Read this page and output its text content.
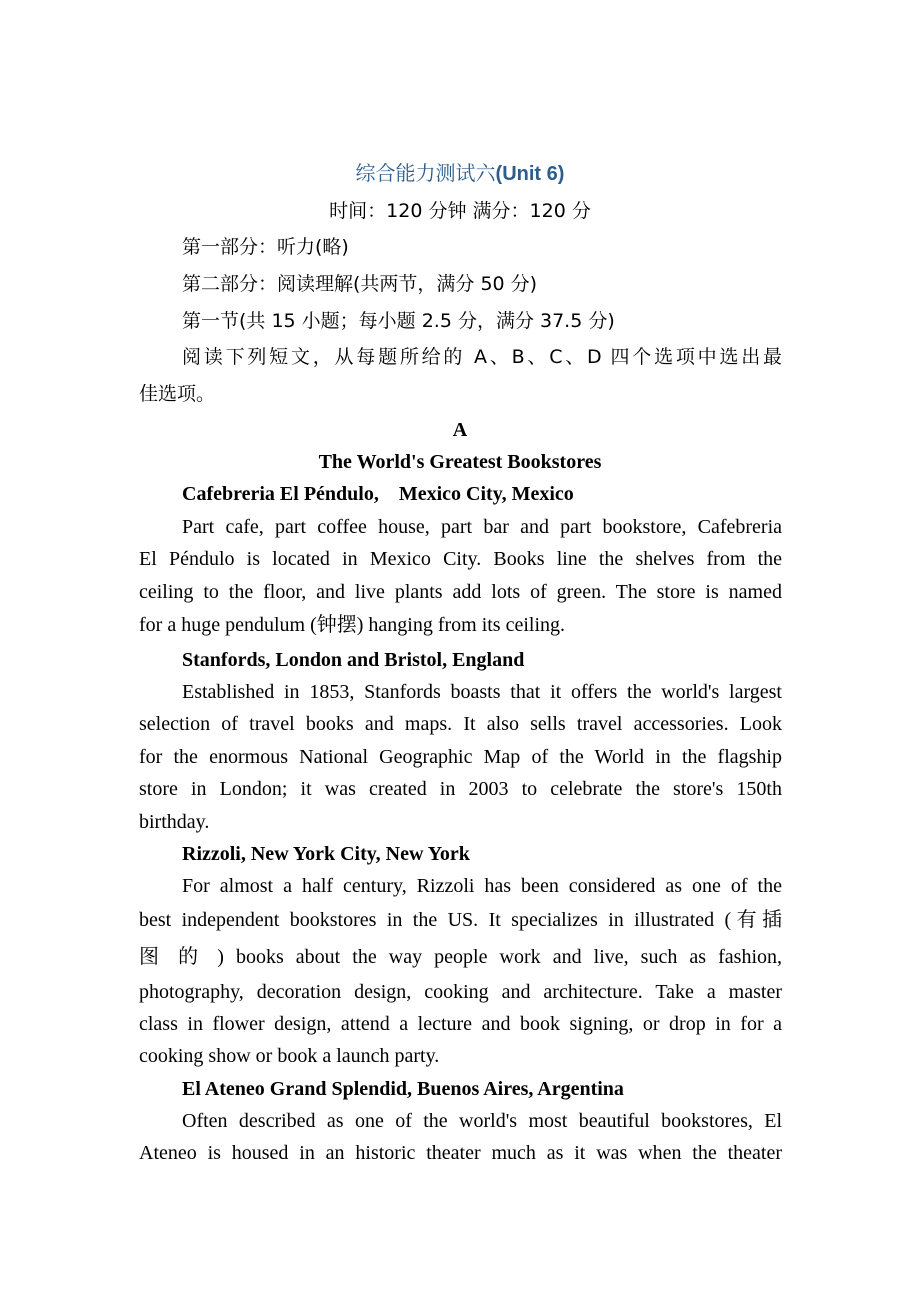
综合能力测试六(Unit 6)
时间：120 分钟 满分：120 分
第一部分：听力(略)
第二部分：阅读理解(共两节，满分 50 分)
第一节(共 15 小题；每小题 2.5 分，满分 37.5 分)
阅读下列短文，从每题所给的 A、B、C、D 四个选项中选出最
佳选项。
A
The World's Greatest Bookstores
Cafebreria El Péndulo,    Mexico City, Mexico
Part cafe, part coffee house, part bar and part bookstore, Cafebreria
El Péndulo is located in Mexico City. Books line the shelves from the
ceiling to the floor, and live plants add lots of green. The store is named
for a huge pendulum (钟摆) hanging from its ceiling.
Stanfords, London and Bristol, England
Established in 1853, Stanfords boasts that it offers the world's largest
selection of travel books and maps. It also sells travel accessories. Look
for the enormous National Geographic Map of the World in the flagship
store in London; it was created in 2003 to celebrate the store's 150th
birthday.
Rizzoli, New York City, New York
For almost a half century, Rizzoli has been considered as one of the
best independent bookstores in the US. It specializes in illustrated (有插
图 的 ) books about the way people work and live, such as fashion,
photography, decoration design, cooking and architecture. Take a master
class in flower design, attend a lecture and book signing, or drop in for a
cooking show or book a launch party.
El Ateneo Grand Splendid, Buenos Aires, Argentina
Often described as one of the world's most beautiful bookstores, El
Ateneo is housed in an historic theater much as it was when the theater
